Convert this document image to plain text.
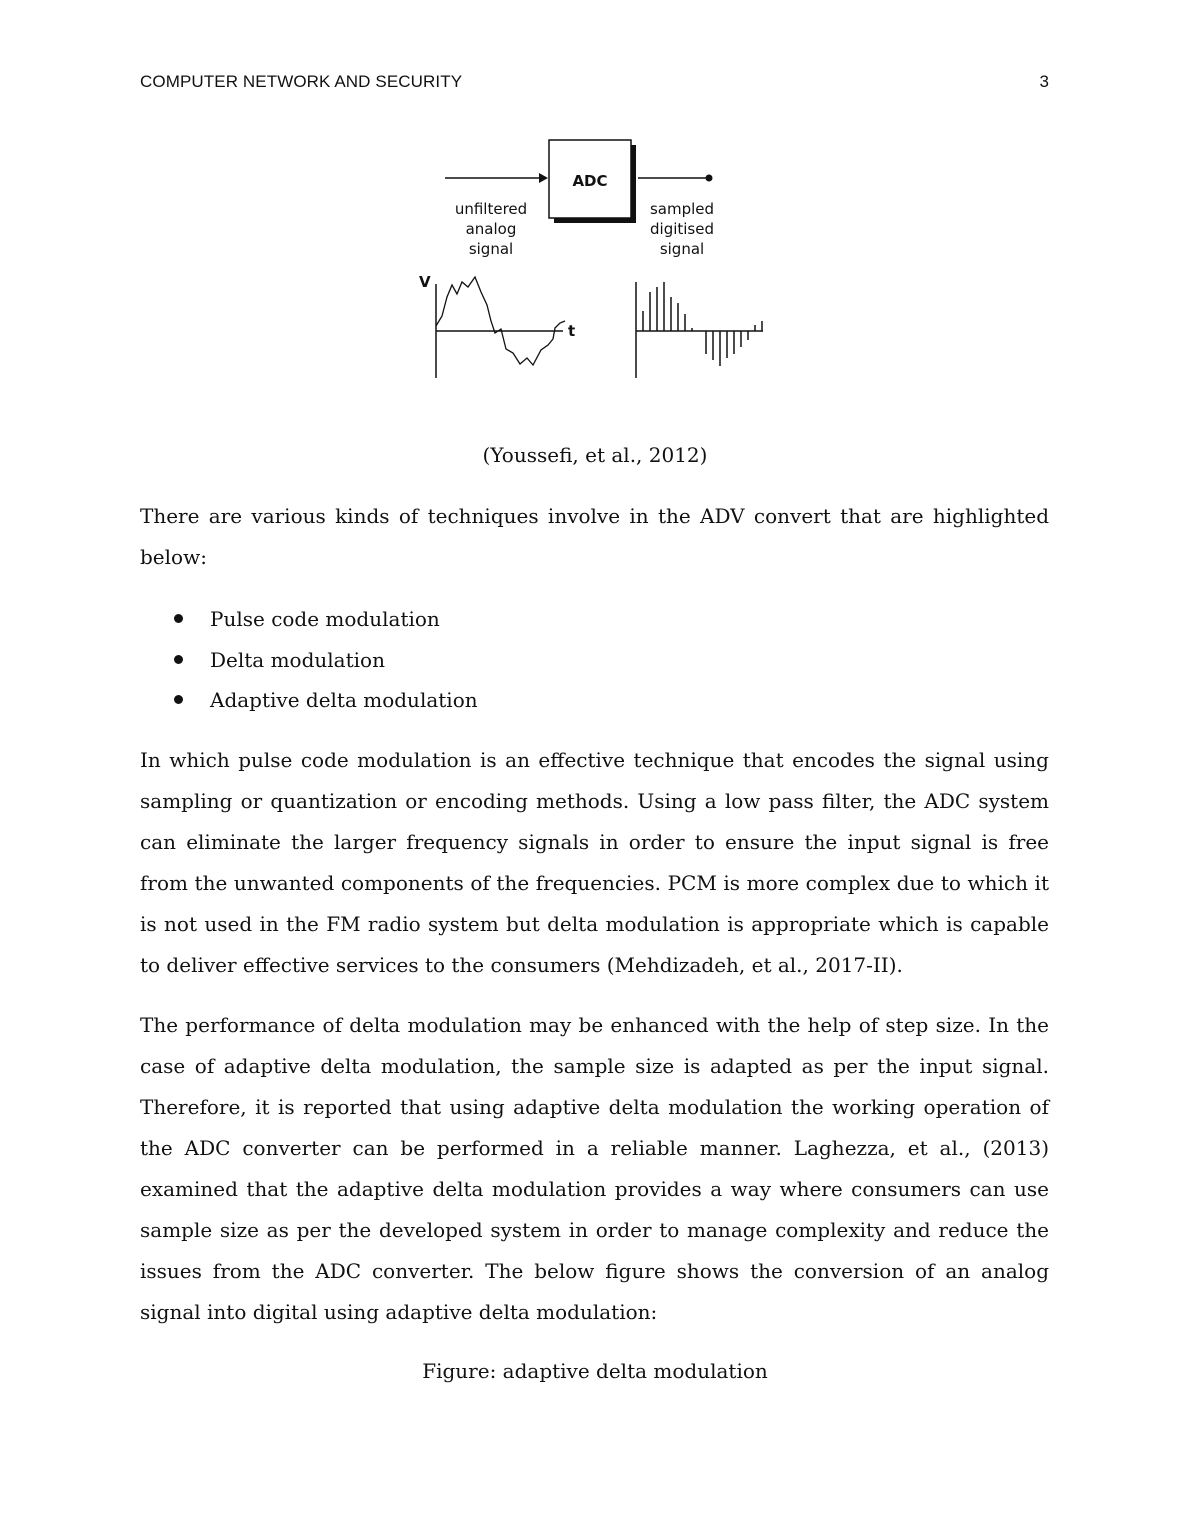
COMPUTER NETWORK AND SECURITY	3
ADC
unfiltered
analog
signal
sampled
digitised
signal
V
t
(Youssefi, et al., 2012)

There are various kinds of techniques involve in the ADV convert that are highlighted below:

Pulse code modulation
Delta modulation
Adaptive delta modulation

In which pulse code modulation is an effective technique that encodes the signal using sampling or quantization or encoding methods. Using a low pass filter, the ADC system can eliminate the larger frequency signals in order to ensure the input signal is free from the unwanted components of the frequencies. PCM is more complex due to which it is not used in the FM radio system but delta modulation is appropriate which is capable to deliver effective services to the consumers (Mehdizadeh, et al., 2017-II).

The performance of delta modulation may be enhanced with the help of step size. In the case of adaptive delta modulation, the sample size is adapted as per the input signal. Therefore, it is reported that using adaptive delta modulation the working operation of the ADC converter can be performed in a reliable manner. Laghezza, et al., (2013) examined that the adaptive delta modulation provides a way where consumers can use sample size as per the developed system in order to manage complexity and reduce the issues from the ADC converter. The below figure shows the conversion of an analog signal into digital using adaptive delta modulation:

Figure: adaptive delta modulation
